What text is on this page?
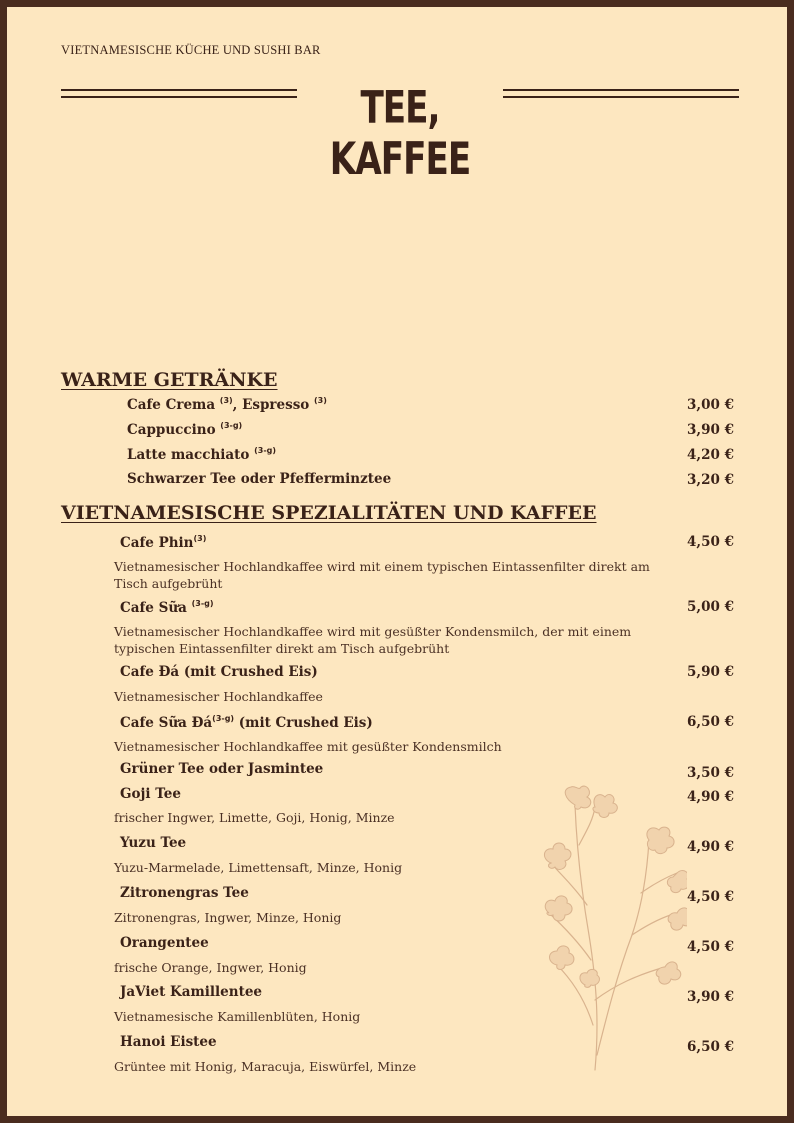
VIETNAMESISCHE KÜCHE UND SUSHI BAR
TEE, KAFFEE
WARME GETRÄNKE
Cafe Crema $^{(3)}$, Espresso $^{(3)}$	3,00 €
Cappuccino $^{(3-g)}$	3,90 €
Latte macchiato $^{(3-g)}$	4,20 €
Schwarzer Tee oder Pfefferminztee	3,20 €
VIETNAMESISCHE SPEZIALITÄTEN UND KAFFEE
Cafe Phin$^{(3)}$	4,50 €
Vietnamesischer Hochlandkaffee wird mit einem typischen Eintassenfilter direkt am Tisch aufgebrüht
Cafe Sữa $^{(3-g)}$	5,00 €
Vietnamesischer Hochlandkaffee wird mit gesüßter Kondensmilch, der mit einem typischen Eintassenfilter direkt am Tisch aufgebrüht
Cafe Đá (mit Crushed Eis)	5,90 €
Vietnamesischer Hochlandkaffee
Cafe Sữa $Đá^{(3-g)}$ (mit Crushed Eis)	6,50 €
Vietnamesischer Hochlandkaffee mit gesüßter Kondensmilch
Grüner Tee oder Jasmintee	3,50 €
Goji Tee	4,90 €
frischer Ingwer, Limette, Goji, Honig, Minze
Yuzu Tee	4,90 €
Yuzu-Marmelade, Limettensaft, Minze, Honig
Zitronengras Tee	4,50 €
Zitronengras, Ingwer, Minze, Honig
Orangentee	4,50 €
frische Orange, Ingwer, Honig
JaViet Kamillentee	3,90 €
Vietnamesische Kamillenblüten, Honig
Hanoi Eistee	6,50 €
Grüntee mit Honig, Maracuja, Eiswürfel, Minze
